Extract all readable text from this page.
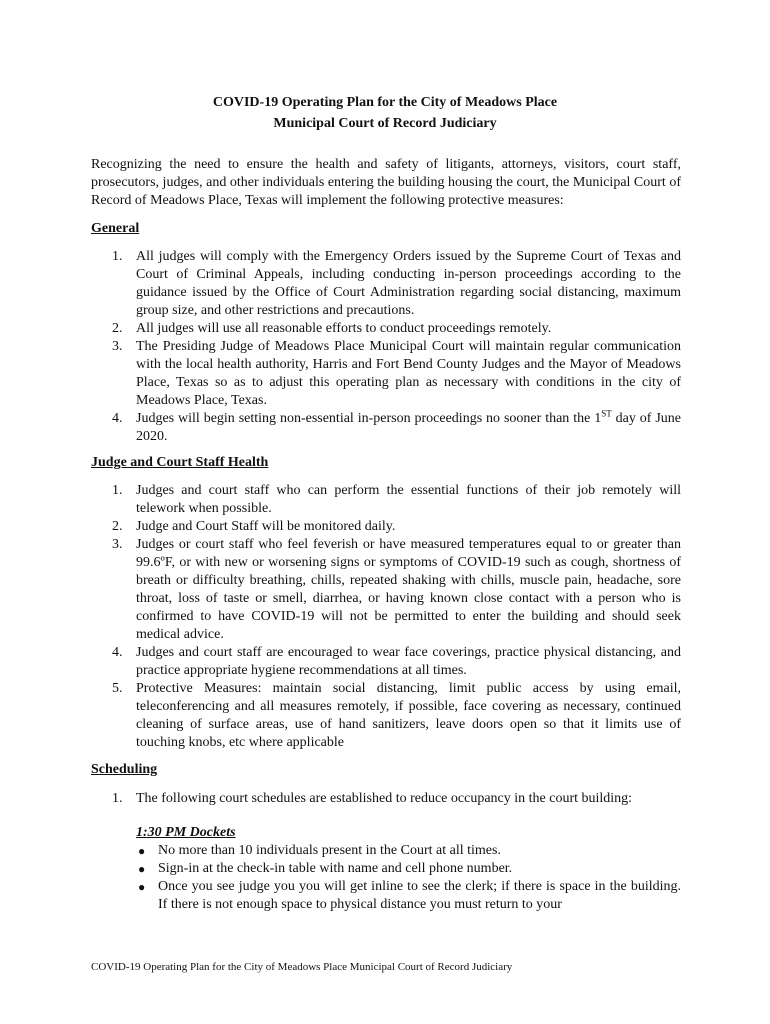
COVID-19 Operating Plan for the City of Meadows Place
Municipal Court of Record Judiciary
Recognizing the need to ensure the health and safety of litigants, attorneys, visitors, court staff, prosecutors, judges, and other individuals entering the building housing the court, the Municipal Court of Record of Meadows Place, Texas will implement the following protective measures:
General
1. All judges will comply with the Emergency Orders issued by the Supreme Court of Texas and Court of Criminal Appeals, including conducting in-person proceedings according to the guidance issued by the Office of Court Administration regarding social distancing, maximum group size, and other restrictions and precautions.
2. All judges will use all reasonable efforts to conduct proceedings remotely.
3. The Presiding Judge of Meadows Place Municipal Court will maintain regular communication with the local health authority, Harris and Fort Bend County Judges and the Mayor of Meadows Place, Texas so as to adjust this operating plan as necessary with conditions in the city of Meadows Place, Texas.
4. Judges will begin setting non-essential in-person proceedings no sooner than the 1ST day of June 2020.
Judge and Court Staff Health
1. Judges and court staff who can perform the essential functions of their job remotely will telework when possible.
2. Judge and Court Staff will be monitored daily.
3. Judges or court staff who feel feverish or have measured temperatures equal to or greater than 99.6ºF, or with new or worsening signs or symptoms of COVID-19 such as cough, shortness of breath or difficulty breathing, chills, repeated shaking with chills, muscle pain, headache, sore throat, loss of taste or smell, diarrhea, or having known close contact with a person who is confirmed to have COVID-19 will not be permitted to enter the building and should seek medical advice.
4. Judges and court staff are encouraged to wear face coverings, practice physical distancing, and practice appropriate hygiene recommendations at all times.
5. Protective Measures: maintain social distancing, limit public access by using email, teleconferencing and all measures remotely, if possible, face covering as necessary, continued cleaning of surface areas, use of hand sanitizers, leave doors open so that it limits use of touching knobs, etc where applicable
Scheduling
1. The following court schedules are established to reduce occupancy in the court building:
1:30 PM Dockets
● No more than 10 individuals present in the Court at all times.
● Sign-in at the check-in table with name and cell phone number.
● Once you see judge you you will get inline to see the clerk; if there is space in the building. If there is not enough space to physical distance you must return to your
COVID-19 Operating Plan for the City of Meadows Place Municipal Court of Record Judiciary
